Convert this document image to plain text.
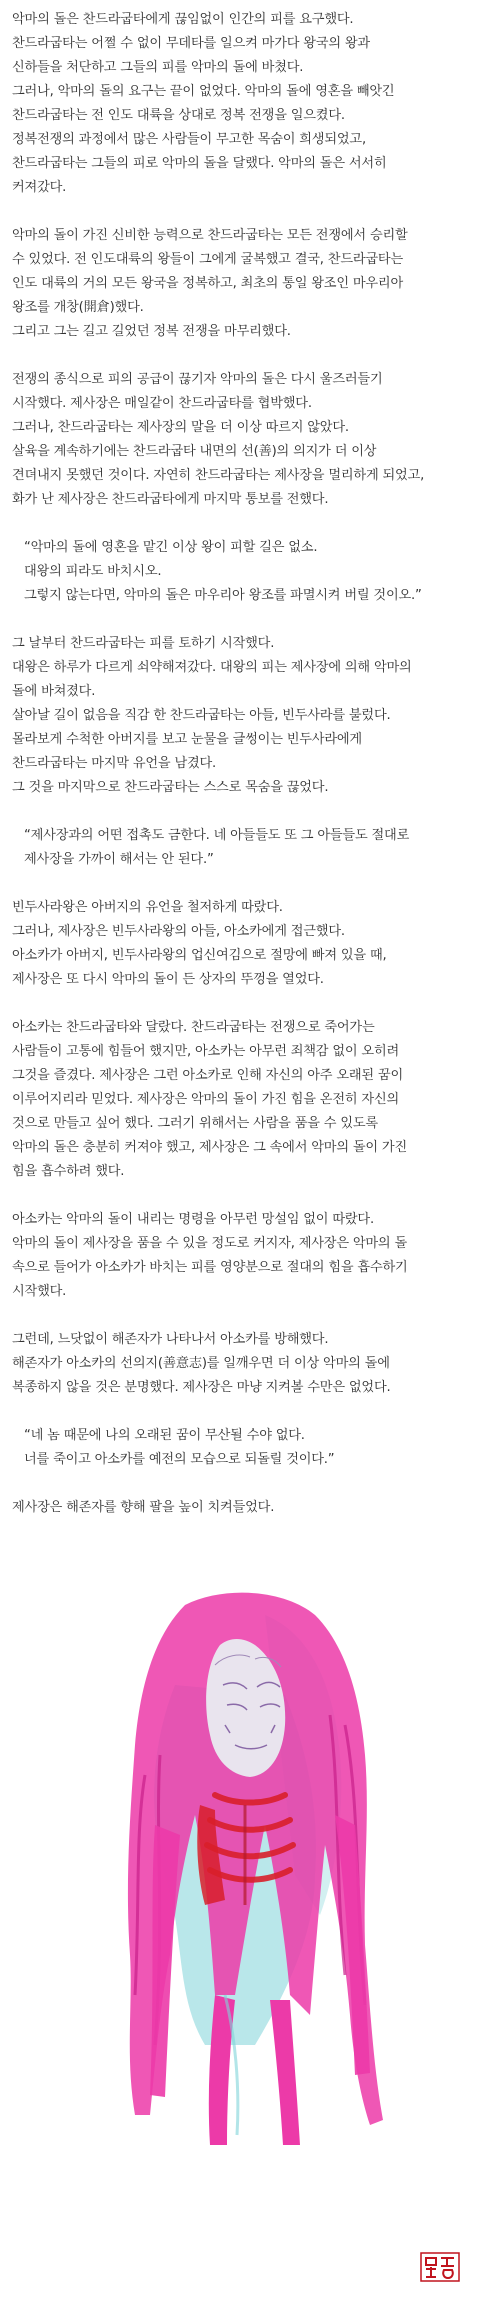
악마의 돌은 찬드라굽타에게 끊임없이 인간의 피를 요구했다.
찬드라굽타는 어쩔 수 없이 무데타를 일으켜 마가다 왕국의 왕과
신하들을 처단하고 그들의 피를 악마의 돌에 바쳤다.
그러나, 악마의 돌의 요구는 끝이 없었다. 악마의 돌에 영혼을 빼앗긴
찬드라굽타는 전 인도 대륙을 상대로 정복 전쟁을 일으켰다.
정복전쟁의 과정에서 많은 사람들이 무고한 목숨이 희생되었고,
찬드라굽타는 그들의 피로 악마의 돌을 달랬다. 악마의 돌은 서서히
커져갔다.
악마의 돌이 가진 신비한 능력으로 찬드라굽타는 모든 전쟁에서 승리할
수 있었다. 전 인도대륙의 왕들이 그에게 굴복했고 결국, 찬드라굽타는
인도 대륙의 거의 모든 왕국을 정복하고, 최초의 통일 왕조인 마우리아
왕조를 개창(開倉)했다.
그리고 그는 길고 길었던 정복 전쟁을 마무리했다.
전쟁의 종식으로 피의 공급이 끊기자 악마의 돌은 다시 울즈러들기
시작했다. 제사장은 매일같이 찬드라굽타를 협박했다.
그러나, 찬드라굽타는 제사장의 말을 더 이상 따르지 않았다.
살육을 계속하기에는 찬드라굽타 내면의 선(善)의 의지가 더 이상
견뎌내지 못했던 것이다. 자연히 찬드라굽타는 제사장을 멀리하게 되었고,
화가 난 제사장은 찬드라굽타에게 마지막 통보를 전했다.
“악마의 돌에 영혼을 맡긴 이상 왕이 피할 길은 없소.
대왕의 피라도 바치시오.
그렇지 않는다면, 악마의 돌은 마우리아 왕조를 파멸시켜 버릴 것이오.”
그 날부터 찬드라굽타는 피를 토하기 시작했다.
대왕은 하루가 다르게 쇠약해져갔다. 대왕의 피는 제사장에 의해 악마의
돌에 바쳐졌다.
살아날 길이 없음을 직감 한 찬드라굽타는 아들, 빈두사라를 불렀다.
몰라보게 수척한 아버지를 보고 눈물을 글썽이는 빈두사라에게
찬드라굽타는 마지막 유언을 남겼다.
그 것을 마지막으로 찬드라굽타는 스스로 목숨을 끊었다.
“제사장과의 어떤 접촉도 금한다. 네 아들들도 또 그 아들들도 절대로
제사장을 가까이 해서는 안 된다.”
빈두사라왕은 아버지의 유언을 철저하게 따랐다.
그러나, 제사장은 빈두사라왕의 아들, 아소카에게 접근했다.
아소카가 아버지, 빈두사라왕의 업신여김으로 절망에 빠져 있을 때,
제사장은 또 다시 악마의 돌이 든 상자의 뚜껑을 열었다.
아소카는 찬드라굽타와 달랐다. 찬드라굽타는 전쟁으로 죽어가는
사람들이 고통에 힘들어 했지만, 아소카는 아무런 죄책감 없이 오히려
그것을 즐겼다. 제사장은 그런 아소카로 인해 자신의 아주 오래된 꿈이
이루어지리라 믿었다. 제사장은 악마의 돌이 가진 힘을 온전히 자신의
것으로 만들고 싶어 했다. 그러기 위해서는 사람을 품을 수 있도록
악마의 돌은 충분히 커져야 했고, 제사장은 그 속에서 악마의 돌이 가진
힘을 흡수하려 했다.
아소카는 악마의 돌이 내리는 명령을 아무런 망설임 없이 따랐다.
악마의 돌이 제사장을 품을 수 있을 정도로 커지자, 제사장은 악마의 돌
속으로 들어가 아소카가 바치는 피를 영양분으로 절대의 힘을 흡수하기
시작했다.
그런데, 느닷없이 해존자가 나타나서 아소카를 방해했다.
해존자가 아소카의 선의지(善意志)를 일깨우면 더 이상 악마의 돌에
복종하지 않을 것은 분명했다. 제사장은 마냥 지켜볼 수만은 없었다.
“네 놈 때문에 나의 오래된 꿈이 무산될 수야 없다.
너를 죽이고 아소카를 예전의 모습으로 되돌릴 것이다.”
제사장은 해존자를 향해 팔을 높이 치켜들었다.
